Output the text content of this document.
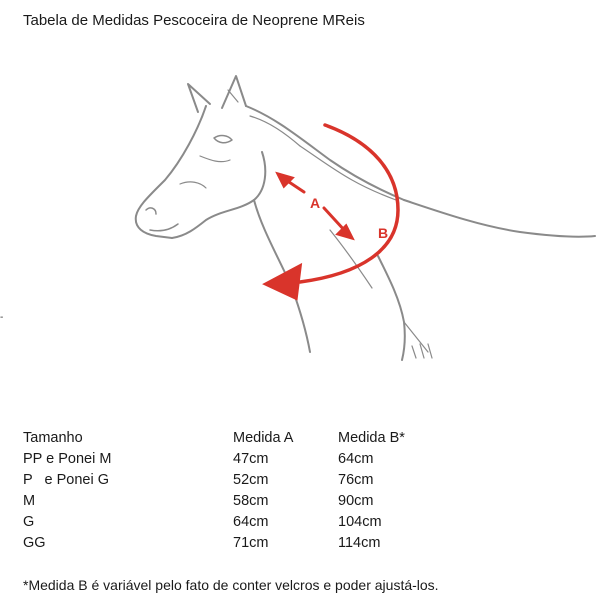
Tabela de Medidas Pescoceira de Neoprene MReis
A
B
-
Tamanho	Medida A	Medida B*
PP e Ponei M	47cm	64cm
P   e Ponei G	52cm	76cm
M	58cm	90cm
G	64cm	104cm
GG	71cm	114cm
*Medida B é variável pelo fato de conter velcros e poder ajustá-los.
